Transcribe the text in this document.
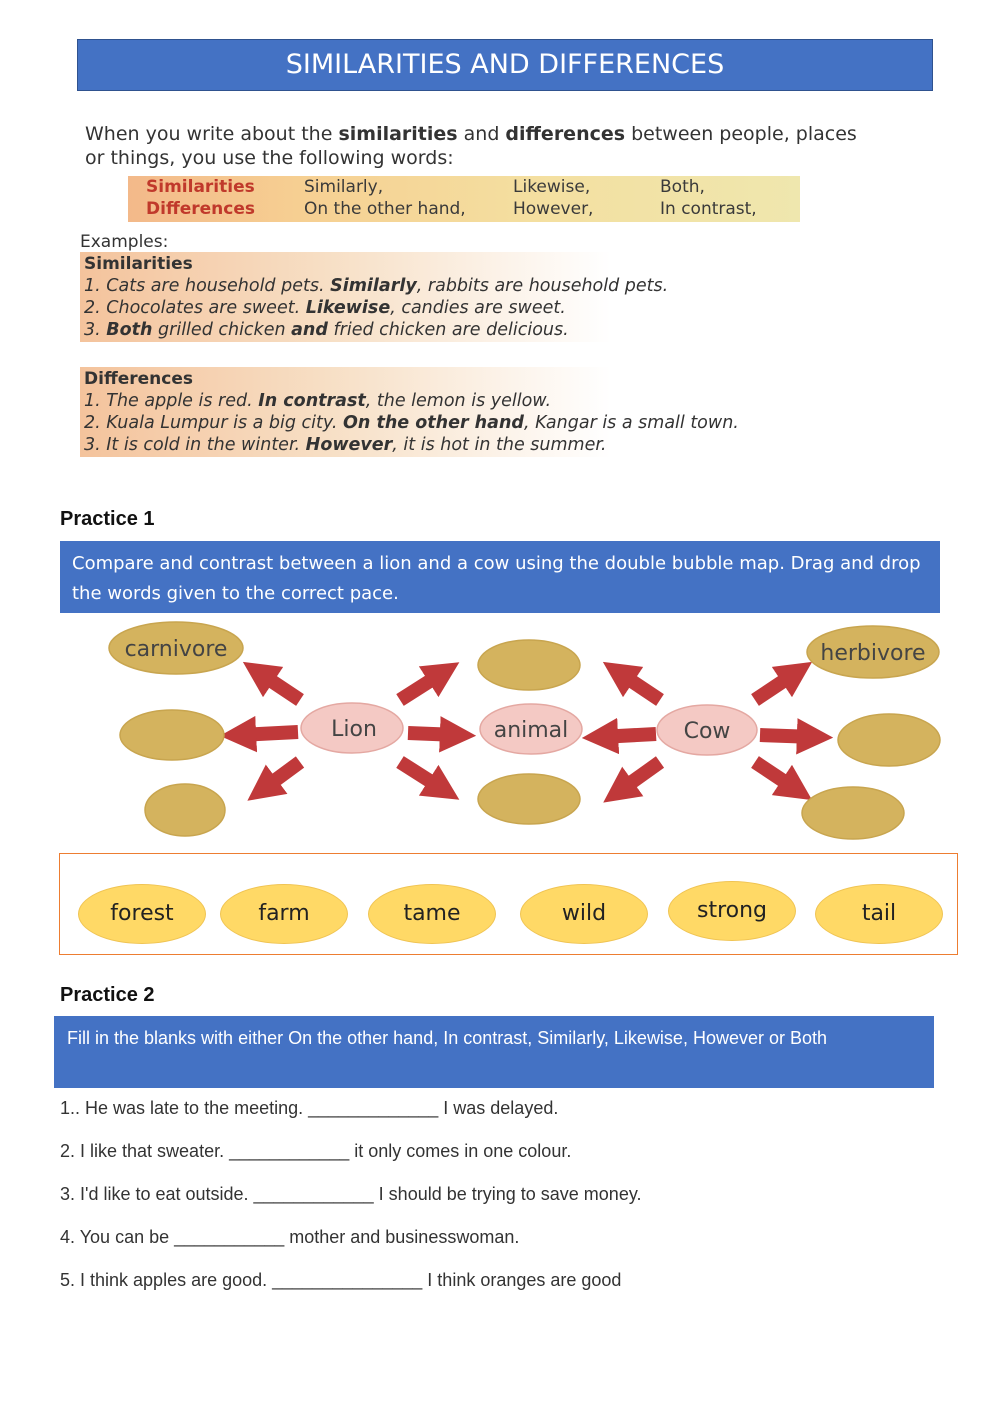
SIMILARITIES AND DIFFERENCES
When you write about the similarities and differences between people, places
or things, you use the following words:
Similarities	Similarly,	Likewise,	Both,
Differences	On the other hand,	However,	In contrast,
Examples:
Similarities
1. Cats are household pets. Similarly, rabbits are household pets.
2. Chocolates are sweet. Likewise, candies are sweet.
3. Both grilled chicken and fried chicken are delicious.
Differences
1. The apple is red. In contrast, the lemon is yellow.
2. Kuala Lumpur is a big city. On the other hand, Kangar is a small town.
3. It is cold in the winter. However, it is hot in the summer.
Practice 1
Compare and contrast between a lion and a cow using the double bubble map. Drag and drop the words given to the correct pace.
carnivore	herbivore
Lion	animal	Cow
forest	farm	tame	wild	strong	tail
Practice 2
Fill in the blanks with either On the other hand, In contrast, Similarly, Likewise, However or Both
1.. He was late to the meeting. _____________ I was delayed.
2. I like that sweater. ____________ it only comes in one colour.
3. I'd like to eat outside. ____________ I should be trying to save money.
4. You can be ___________ mother and businesswoman.
5. I think apples are good. _______________ I think oranges are good
